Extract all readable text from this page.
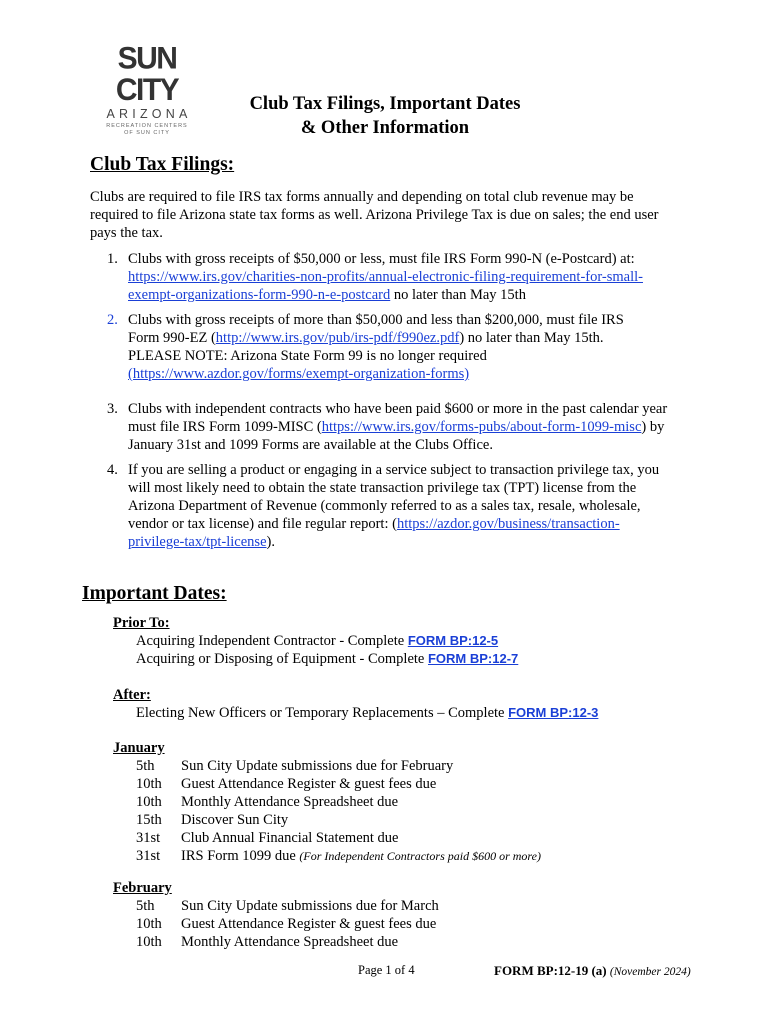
SUN CITY
ARIZONA
RECREATION CENTERS
OF SUN CITY
Club Tax Filings, Important Dates
& Other Information
Club Tax Filings:
Clubs are required to file IRS tax forms annually and depending on total club revenue may be required to file Arizona state tax forms as well. Arizona Privilege Tax is due on sales; the end user pays the tax.
1. Clubs with gross receipts of $50,000 or less, must file IRS Form 990-N (e-Postcard) at: https://www.irs.gov/charities-non-profits/annual-electronic-filing-requirement-for-small- exempt-organizations-form-990-n-e-postcard no later than May 15th
2. Clubs with gross receipts of more than $50,000 and less than $200,000, must file IRS Form 990-EZ (http://www.irs.gov/pub/irs-pdf/f990ez.pdf) no later than May 15th. PLEASE NOTE: Arizona State Form 99 is no longer required (https://www.azdor.gov/forms/exempt-organization-forms)
3. Clubs with independent contracts who have been paid $600 or more in the past calendar year must file IRS Form 1099-MISC (https://www.irs.gov/forms-pubs/about-form-1099-misc) by January 31st and 1099 Forms are available at the Clubs Office.
4. If you are selling a product or engaging in a service subject to transaction privilege tax, you will most likely need to obtain the state transaction privilege tax (TPT) license from the Arizona Department of Revenue (commonly referred to as a sales tax, resale, wholesale, vendor or tax license) and file regular report: (https://azdor.gov/business/transaction-privilege-tax/tpt-license).
Important Dates:
Prior To:
Acquiring Independent Contractor - Complete FORM BP:12-5
Acquiring or Disposing of Equipment - Complete FORM BP:12-7
After:
Electing New Officers or Temporary Replacements – Complete FORM BP:12-3
January
5th	Sun City Update submissions due for February
10th	Guest Attendance Register & guest fees due
10th	Monthly Attendance Spreadsheet due
15th	Discover Sun City
31st	Club Annual Financial Statement due
31st	IRS Form 1099 due (For Independent Contractors paid $600 or more)
February
5th	Sun City Update submissions due for March
10th	Guest Attendance Register & guest fees due
10th	Monthly Attendance Spreadsheet due
Page 1 of 4	FORM BP:12-19 (a) (November 2024)
